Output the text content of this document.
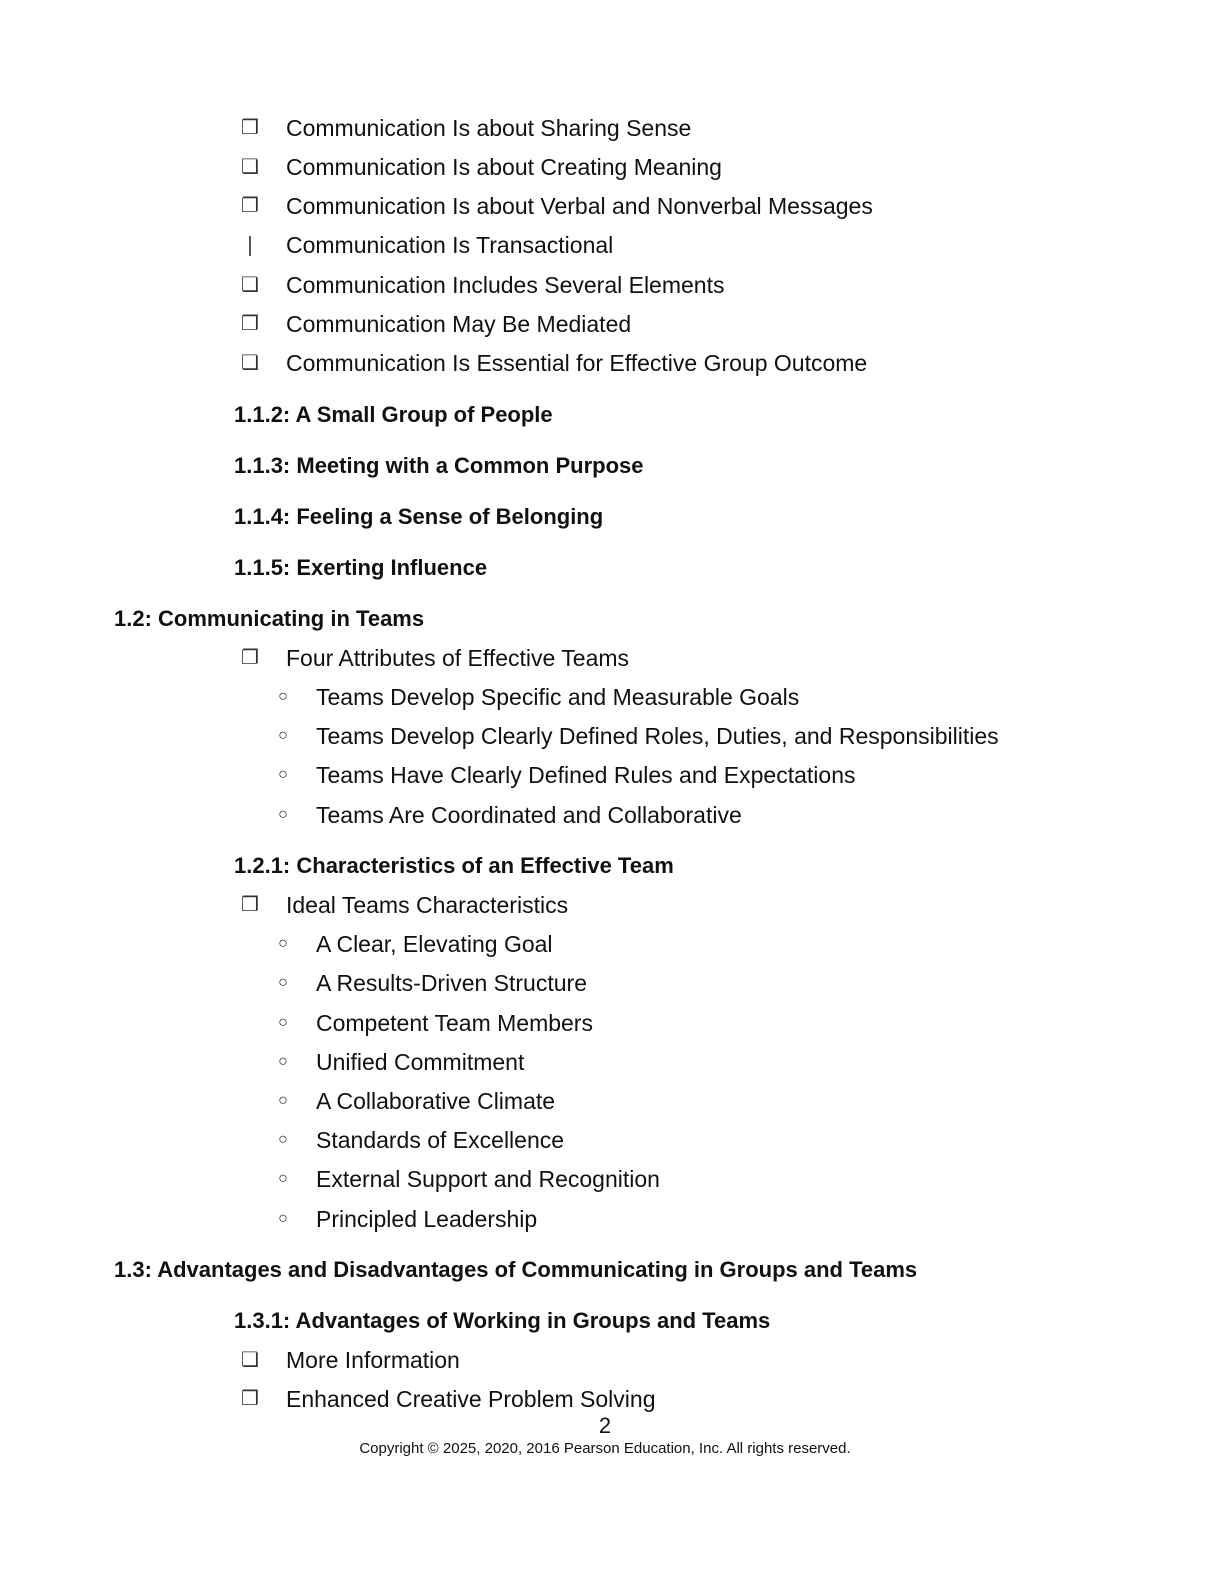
❒ Communication Is about Sharing Sense
❏ Communication Is about Creating Meaning
❐ Communication Is about Verbal and Nonverbal Messages
❘ Communication Is Transactional
❏ Communication Includes Several Elements
❒ Communication May Be Mediated
❏ Communication Is Essential for Effective Group Outcome
1.1.2: A Small Group of People
1.1.3: Meeting with a Common Purpose
1.1.4: Feeling a Sense of Belonging
1.1.5: Exerting Influence
1.2: Communicating in Teams
❐ Four Attributes of Effective Teams
○ Teams Develop Specific and Measurable Goals
○ Teams Develop Clearly Defined Roles, Duties, and Responsibilities
○ Teams Have Clearly Defined Rules and Expectations
○ Teams Are Coordinated and Collaborative
1.2.1: Characteristics of an Effective Team
❒ Ideal Teams Characteristics
○ A Clear, Elevating Goal
○ A Results-Driven Structure
○ Competent Team Members
○ Unified Commitment
○ A Collaborative Climate
○ Standards of Excellence
○ External Support and Recognition
○ Principled Leadership
1.3: Advantages and Disadvantages of Communicating in Groups and Teams
1.3.1: Advantages of Working in Groups and Teams
❏ More Information
❒ Enhanced Creative Problem Solving
2
Copyright © 2025, 2020, 2016 Pearson Education, Inc. All rights reserved.
